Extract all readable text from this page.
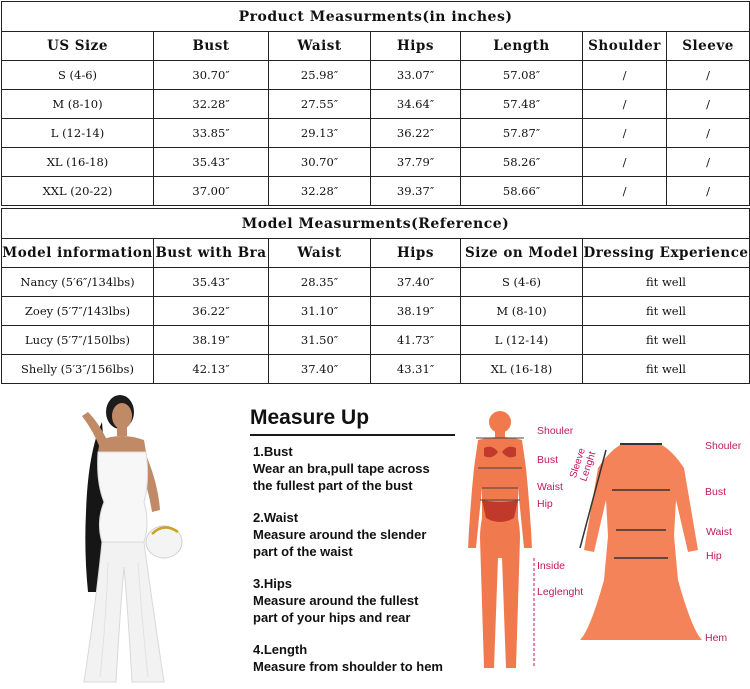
Product Measurments(in inches)						
US Size	Bust	Waist	Hips	Length	Shoulder	Sleeve
S (4-6)	30.70″	25.98″	33.07″	57.08″	/	/
M (8-10)	32.28″	27.55″	34.64″	57.48″	/	/
L (12-14)	33.85″	29.13″	36.22″	57.87″	/	/
XL (16-18)	35.43″	30.70″	37.79″	58.26″	/	/
XXL (20-22)	37.00″	32.28″	39.37″	58.66″	/	/
Model Measurments(Reference)					
Model information	Bust with Bra	Waist	Hips	Size on Model	Dressing Experience
Nancy (5′6″/134lbs)	35.43″	28.35″	37.40″	S (4-6)	fit well
Zoey (5′7″/143lbs)	36.22″	31.10″	38.19″	M (8-10)	fit well
Lucy (5′7″/150lbs)	38.19″	31.50″	41.73″	L (12-14)	fit well
Shelly (5′3″/156lbs)	42.13″	37.40″	43.31″	XL (16-18)	fit well
Measure Up
1.Bust
Wear an bra,pull tape across
the fullest part of the bust
2.Waist
Measure around the slender
part of the waist
3.Hips
Measure around the fullest
part of your hips and rear
4.Length
Measure from shoulder to hem
Shouler
Bust
Waist
Hip
Inside
Leglenght
Shouler
Sleeve Lenght
Bust
Waist
Hip
Hem
